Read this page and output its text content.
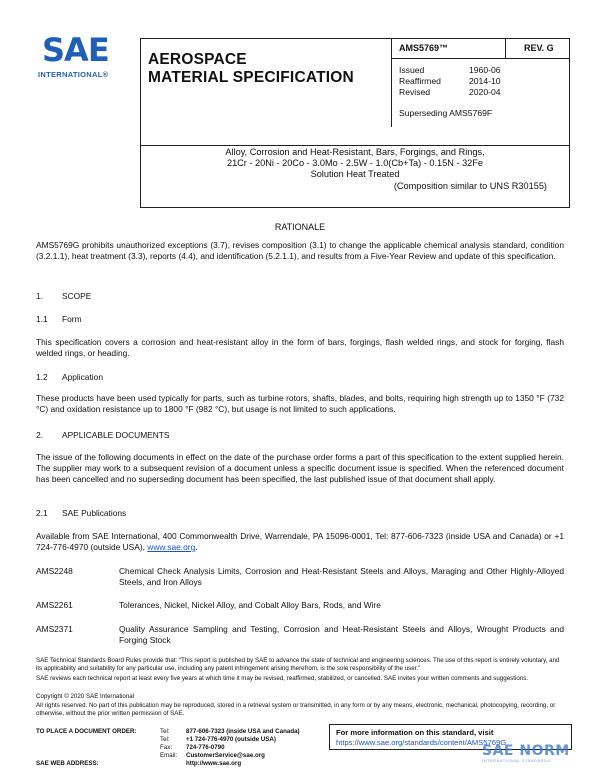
SAE
INTERNATIONAL®
AEROSPACE
MATERIAL SPECIFICATION
AMS5769™	REV. G
Issued	1960-06
Reaffirmed	2014-10
Revised	2020-04
Superseding AMS5769F
Alloy, Corrosion and Heat-Resistant, Bars, Forgings, and Rings,
21Cr - 20Ni - 20Co - 3.0Mo - 2.5W - 1.0(Cb+Ta) - 0.15N - 32Fe
Solution Heat Treated
(Composition similar to UNS R30155)
RATIONALE
AMS5769G prohibits unauthorized exceptions (3.7), revises composition (3.1) to change the applicable chemical analysis standard, condition (3.2.1.1), heat treatment (3.3), reports (4.4), and identification (5.2.1.1), and results from a Five-Year Review and update of this specification.
1. SCOPE
1.1 Form
This specification covers a corrosion and heat-resistant alloy in the form of bars, forgings, flash welded rings, and stock for forging, flash welded rings, or heading.
1.2 Application
These products have been used typically for parts, such as turbine rotors, shafts, blades, and bolts, requiring high strength up to 1350 °F (732 °C) and oxidation resistance up to 1800 °F (982 °C), but usage is not limited to such applications.
2. APPLICABLE DOCUMENTS
The issue of the following documents in effect on the date of the purchase order forms a part of this specification to the extent supplied herein. The supplier may work to a subsequent revision of a document unless a specific document issue is specified. When the referenced document has been cancelled and no superseding document has been specified, the last published issue of that document shall apply.
2.1 SAE Publications
Available from SAE International, 400 Commonwealth Drive, Warrendale, PA 15096-0001, Tel: 877-606-7323 (inside USA and Canada) or +1 724-776-4970 (outside USA), www.sae.org.
AMS2248	Chemical Check Analysis Limits, Corrosion and Heat-Resistant Steels and Alloys, Maraging and Other Highly-Alloyed Steels, and Iron Alloys
AMS2261	Tolerances, Nickel, Nickel Alloy, and Cobalt Alloy Bars, Rods, and Wire
AMS2371	Quality Assurance Sampling and Testing, Corrosion and Heat-Resistant Steels and Alloys, Wrought Products and Forging Stock
SAE Technical Standards Board Rules provide that: “This report is published by SAE to advance the state of technical and engineering sciences. The use of this report is entirely voluntary, and its applicability and suitability for any particular use, including any patent infringement arising therefrom, is the sole responsibility of the user.”
SAE reviews each technical report at least every five years at which time it may be revised, reaffirmed, stabilized, or cancelled. SAE invites your written comments and suggestions.
Copyright © 2020 SAE International
All rights reserved. No part of this publication may be reproduced, stored in a retrieval system or transmitted, in any form or by any means, electronic, mechanical, photocopying, recording, or otherwise, without the prior written permission of SAE.
TO PLACE A DOCUMENT ORDER:	Tel:	877-606-7323 (inside USA and Canada)
Tel:	+1 724-776-4970 (outside USA)
Fax: 724-776-0790
Email: CustomerService@sae.org
SAE WEB ADDRESS:	http://www.sae.org
For more information on this standard, visit
https://www.sae.org/standards/content/AMS5769G
SAE NORM
INTERNATIONAL STANDARDS
